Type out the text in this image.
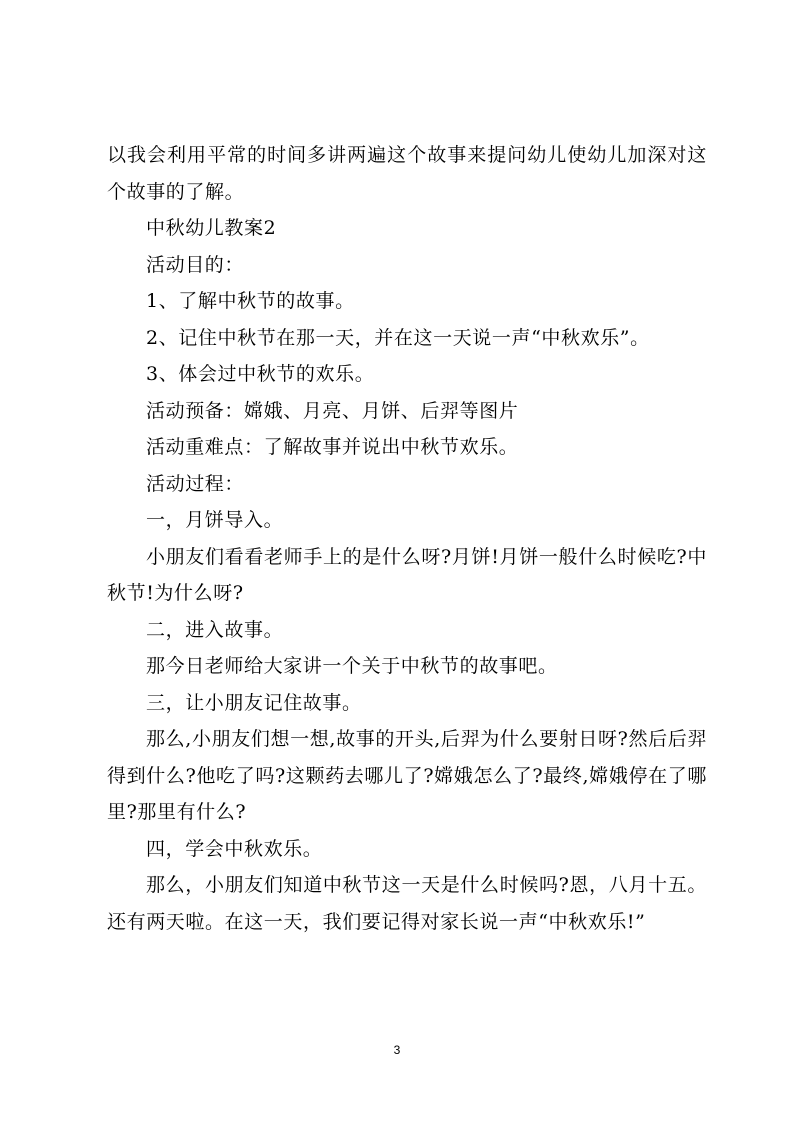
以我会利用平常的时间多讲两遍这个故事来提问幼儿使幼儿加深对这个故事的了解。

中秋幼儿教案2

活动目的：

1、了解中秋节的故事。

2、记住中秋节在那一天，并在这一天说一声“中秋欢乐”。

3、体会过中秋节的欢乐。

活动预备：嫦娥、月亮、月饼、后羿等图片

活动重难点：了解故事并说出中秋节欢乐。

活动过程：

一，月饼导入。

小朋友们看看老师手上的是什么呀?月饼!月饼一般什么时候吃?中秋节!为什么呀?

二，进入故事。

那今日老师给大家讲一个关于中秋节的故事吧。

三，让小朋友记住故事。

那么,小朋友们想一想,故事的开头,后羿为什么要射日呀?然后后羿得到什么?他吃了吗?这颗药去哪儿了?嫦娥怎么了?最终,嫦娥停在了哪里?那里有什么?

四，学会中秋欢乐。

那么，小朋友们知道中秋节这一天是什么时候吗?恩，八月十五。还有两天啦。在这一天，我们要记得对家长说一声“中秋欢乐!”

3
